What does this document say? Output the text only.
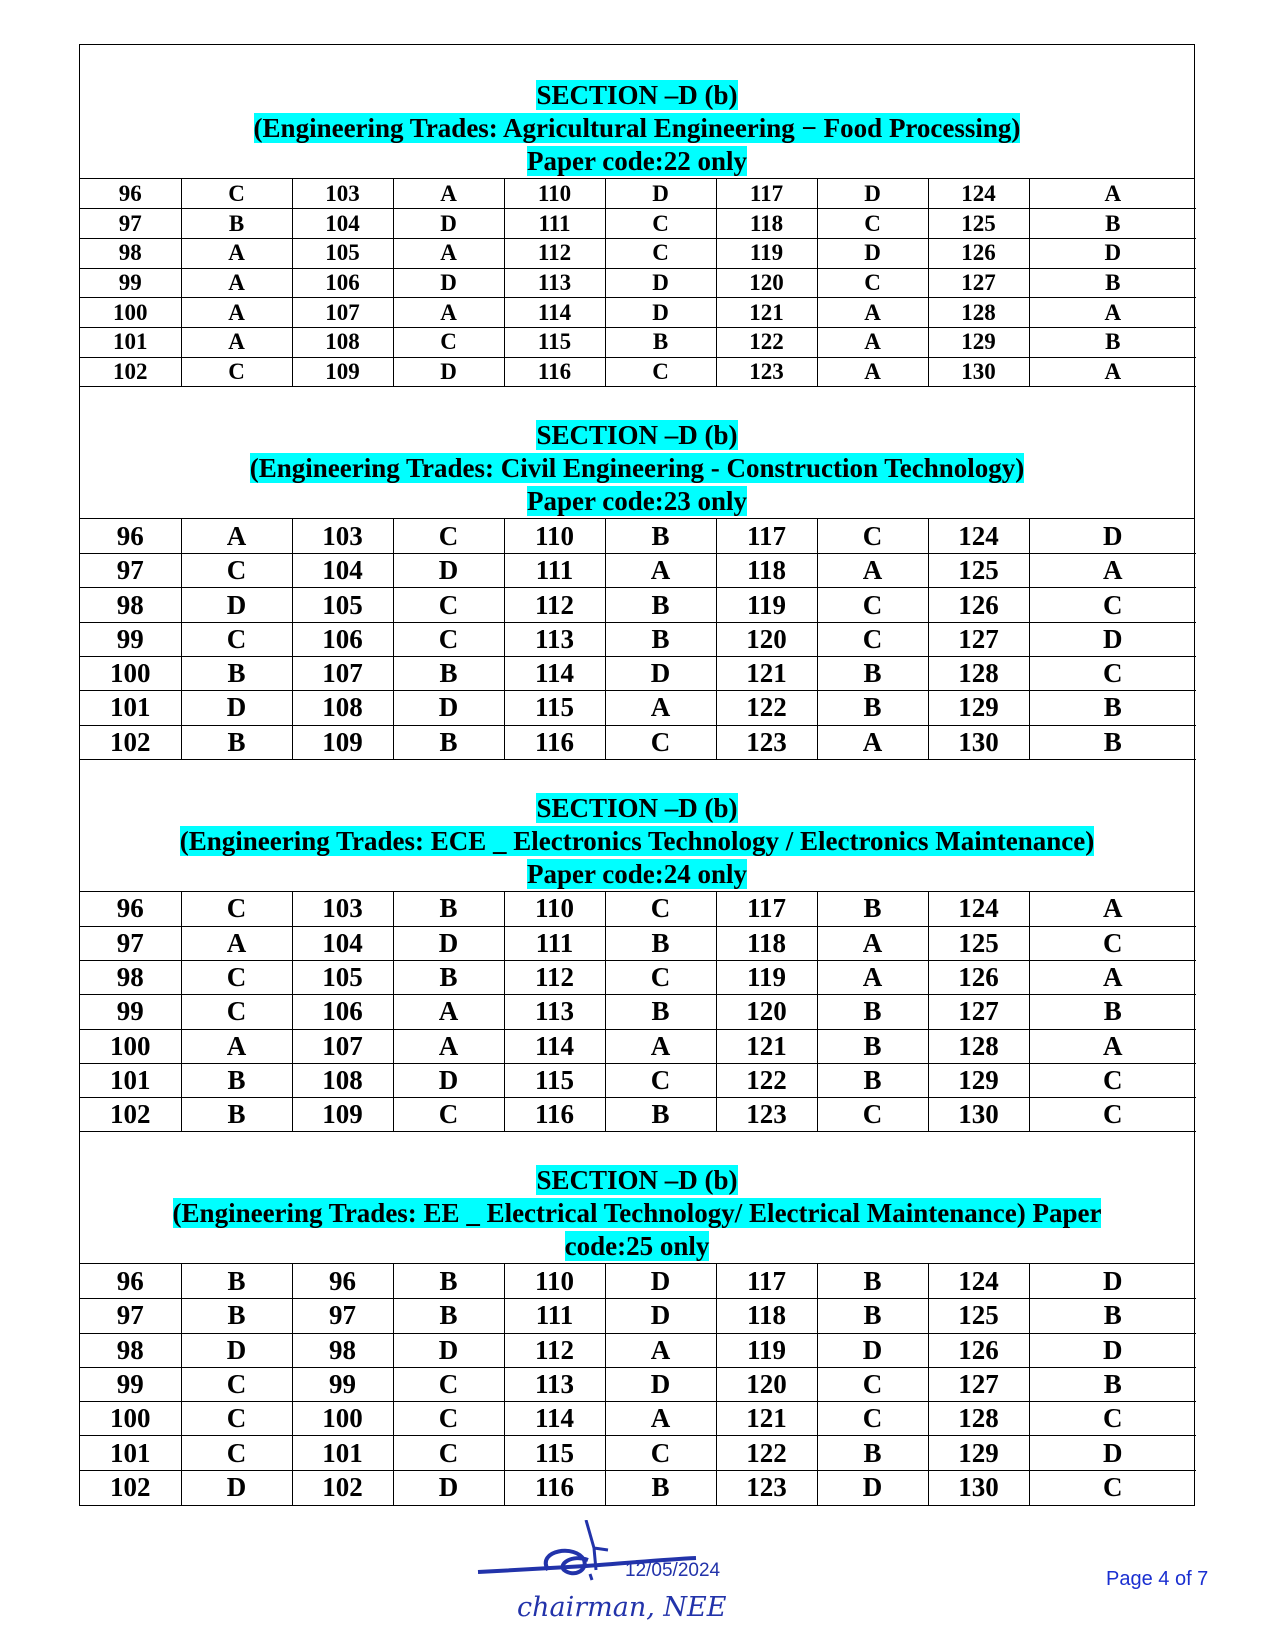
SECTION –D (b)
(Engineering Trades: Agricultural Engineering − Food Processing)
Paper code:22 only
96	C	103	A	110	D	117	D	124	A
97	B	104	D	111	C	118	C	125	B
98	A	105	A	112	C	119	D	126	D
99	A	106	D	113	D	120	C	127	B
100	A	107	A	114	D	121	A	128	A
101	A	108	C	115	B	122	A	129	B
102	C	109	D	116	C	123	A	130	A
SECTION –D (b)
(Engineering Trades: Civil Engineering - Construction Technology)
Paper code:23 only
96	A	103	C	110	B	117	C	124	D
97	C	104	D	111	A	118	A	125	A
98	D	105	C	112	B	119	C	126	C
99	C	106	C	113	B	120	C	127	D
100	B	107	B	114	D	121	B	128	C
101	D	108	D	115	A	122	B	129	B
102	B	109	B	116	C	123	A	130	B
SECTION –D (b)
(Engineering Trades: ECE _ Electronics Technology / Electronics Maintenance)
Paper code:24 only
96	C	103	B	110	C	117	B	124	A
97	A	104	D	111	B	118	A	125	C
98	C	105	B	112	C	119	A	126	A
99	C	106	A	113	B	120	B	127	B
100	A	107	A	114	A	121	B	128	A
101	B	108	D	115	C	122	B	129	C
102	B	109	C	116	B	123	C	130	C
SECTION –D (b)
(Engineering Trades: EE _ Electrical Technology/ Electrical Maintenance) Paper
code:25 only
96	B	96	B	110	D	117	B	124	D
97	B	97	B	111	D	118	B	125	B
98	D	98	D	112	A	119	D	126	D
99	C	99	C	113	D	120	C	127	B
100	C	100	C	114	A	121	C	128	C
101	C	101	C	115	C	122	B	129	D
102	D	102	D	116	B	123	D	130	C
12/05/2024
chairman, NEE
Page 4 of 7
